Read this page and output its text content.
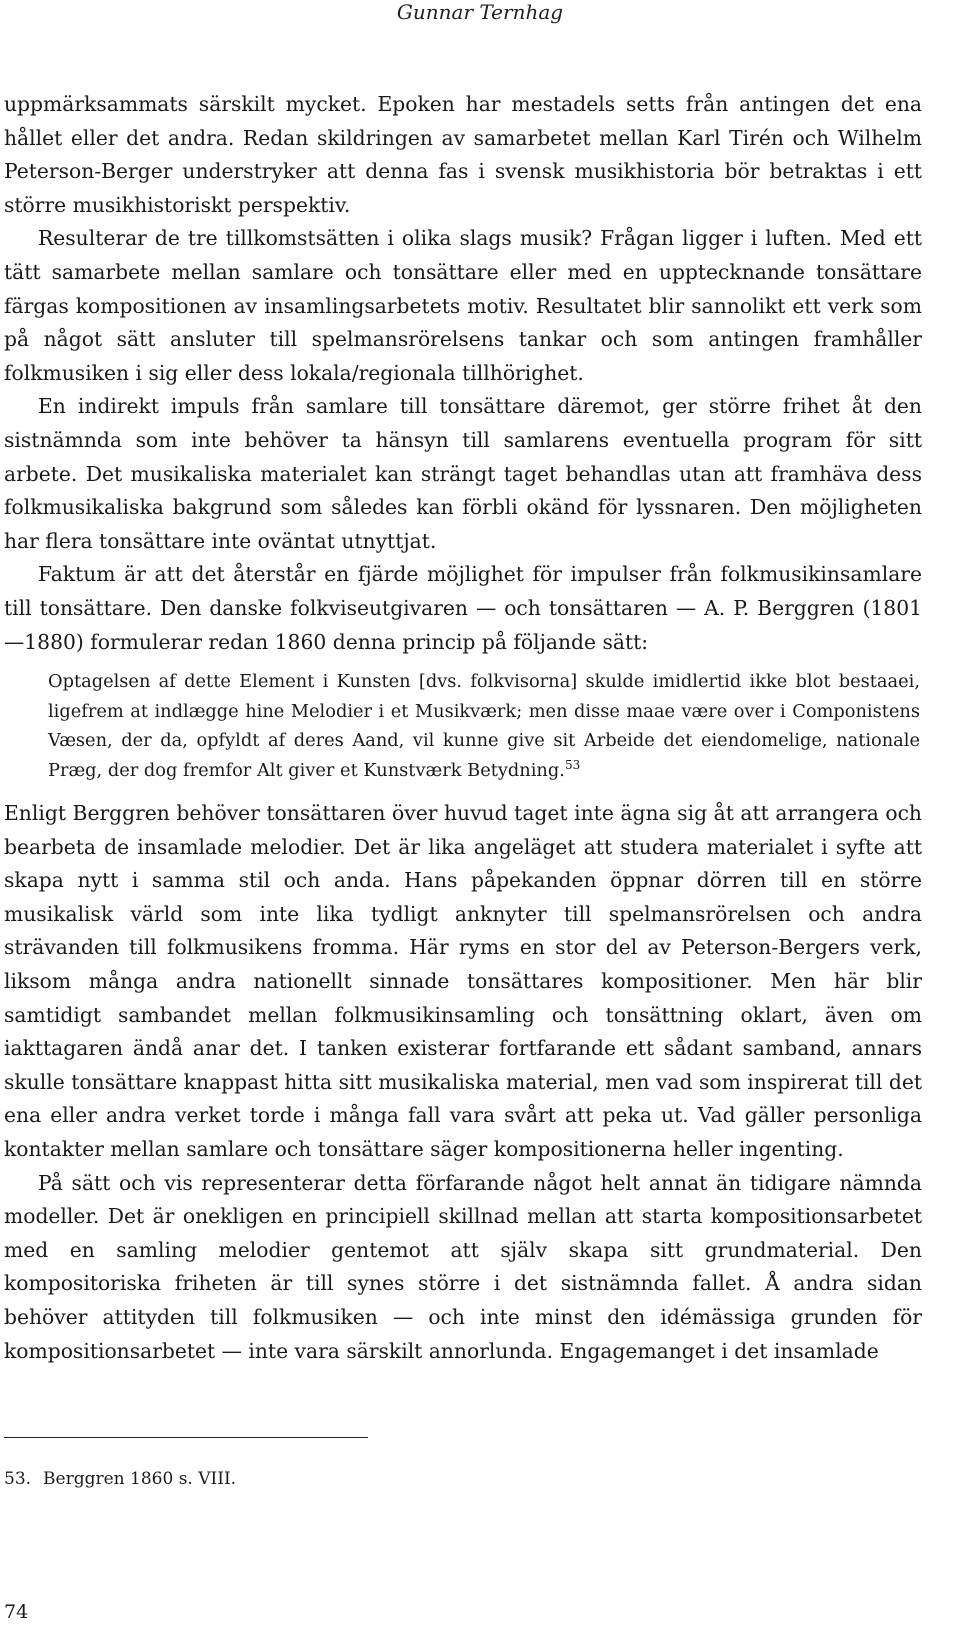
Gunnar Ternhag

uppmärksammats särskilt mycket. Epoken har mestadels setts från antingen det ena hållet eller det andra. Redan skildringen av samarbetet mellan Karl Tirén och Wilhelm Peterson-Berger understryker att denna fas i svensk musikhistoria bör betraktas i ett större musikhistoriskt perspektiv.

Resulterar de tre tillkomstsätten i olika slags musik? Frågan ligger i luften. Med ett tätt samarbete mellan samlare och tonsättare eller med en upptecknande tonsättare färgas kompositionen av insamlingsarbetets motiv. Resultatet blir sannolikt ett verk som på något sätt ansluter till spelmansrörelsens tankar och som antingen framhåller folkmusiken i sig eller dess lokala/regionala tillhörighet.

En indirekt impuls från samlare till tonsättare däremot, ger större frihet åt den sistnämnda som inte behöver ta hänsyn till samlarens eventuella program för sitt arbete. Det musikaliska materialet kan strängt taget behandlas utan att framhäva dess folkmusikaliska bakgrund som således kan förbli okänd för lyssnaren. Den möjligheten har flera tonsättare inte oväntat utnyttjat.

Faktum är att det återstår en fjärde möjlighet för impulser från folkmusikinsamlare till tonsättare. Den danske folkviseutgivaren — och tonsättaren — A. P. Berggren (1801—1880) formulerar redan 1860 denna princip på följande sätt:

Optagelsen af dette Element i Kunsten [dvs. folkvisorna] skulde imidlertid ikke blot bestaaei, ligefrem at indlægge hine Melodier i et Musikværk; men disse maae være over i Componistens Væsen, der da, opfyldt af deres Aand, vil kunne give sit Arbeide det eiendomelige, nationale Præg, der dog fremfor Alt giver et Kunstværk Betydning.$^{53}$

Enligt Berggren behöver tonsättaren över huvud taget inte ägna sig åt att arrangera och bearbeta de insamlade melodier. Det är lika angeläget att studera materialet i syfte att skapa nytt i samma stil och anda. Hans påpekanden öppnar dörren till en större musikalisk värld som inte lika tydligt anknyter till spelmansrörelsen och andra strävanden till folkmusikens fromma. Här ryms en stor del av Peterson-Bergers verk, liksom många andra nationellt sinnade tonsättares kompositioner. Men här blir samtidigt sambandet mellan folkmusikinsamling och tonsättning oklart, även om iakttagaren ändå anar det. I tanken existerar fortfarande ett sådant samband, annars skulle tonsättare knappast hitta sitt musikaliska material, men vad som inspirerat till det ena eller andra verket torde i många fall vara svårt att peka ut. Vad gäller personliga kontakter mellan samlare och tonsättare säger kompositionerna heller ingenting.

På sätt och vis representerar detta förfarande något helt annat än tidigare nämnda modeller. Det är onekligen en principiell skillnad mellan att starta kompositionsarbetet med en samling melodier gentemot att själv skapa sitt grundmaterial. Den kompositoriska friheten är till synes större i det sistnämnda fallet. Å andra sidan behöver attityden till folkmusiken — och inte minst den idémässiga grunden för kompositionsarbetet — inte vara särskilt annorlunda. Engagemanget i det insamlade

53. Berggren 1860 s. VIII.
74
